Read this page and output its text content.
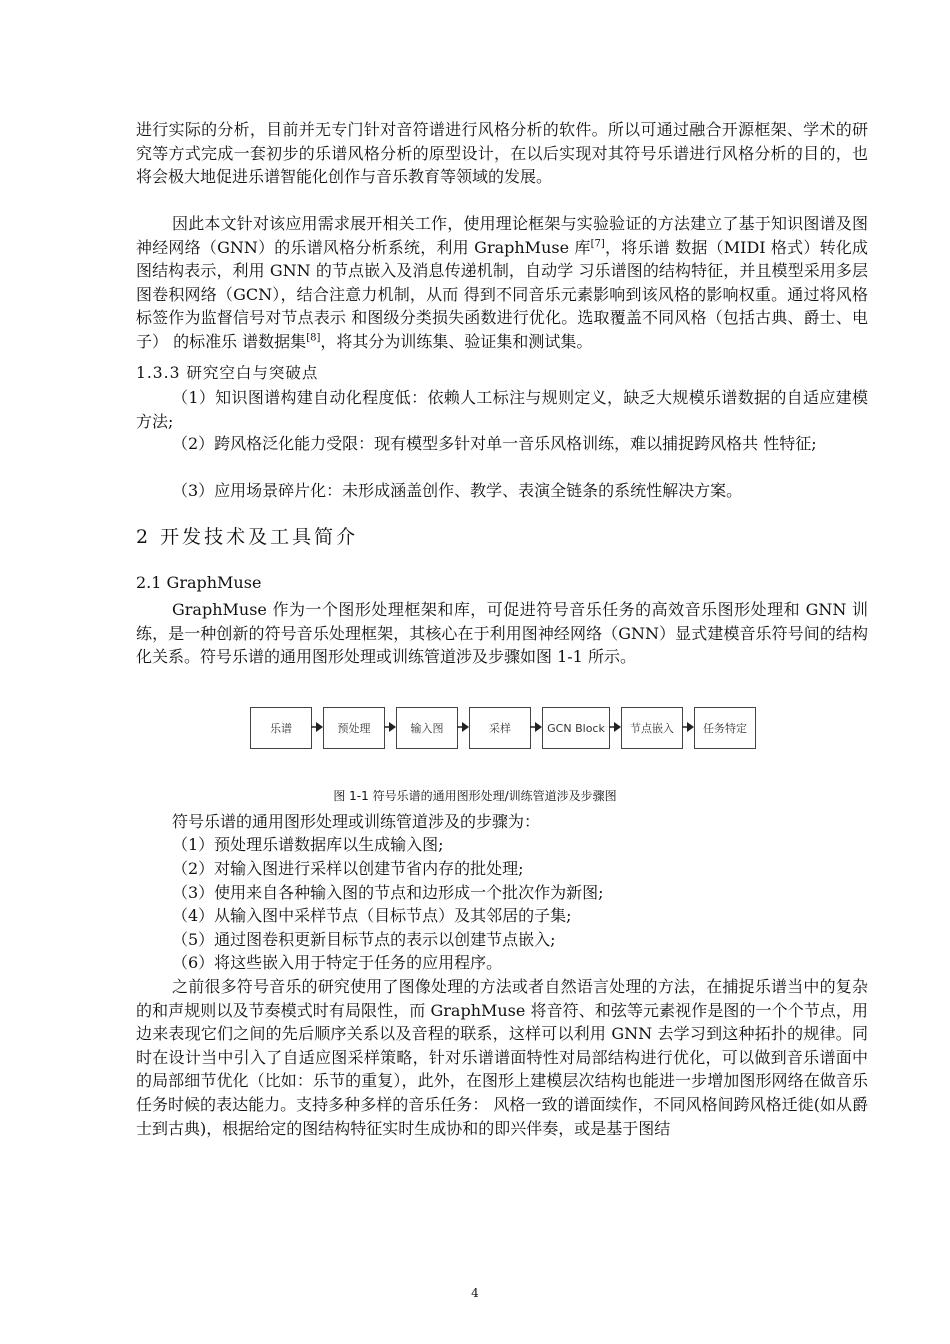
进行实际的分析，目前并无专门针对音符谱进行风格分析的软件。所以可通过融合开源框架、学术的研究等方式完成一套初步的乐谱风格分析的原型设计，在以后实现对其符号乐谱进行风格分析的目的，也将会极大地促进乐谱智能化创作与音乐教育等领域的发展。
因此本文针对该应用需求展开相关工作，使用理论框架与实验验证的方法建立了基于知识图谱及图神经网络（GNN）的乐谱风格分析系统，利用 GraphMuse 库[7]，将乐谱 数据（MIDI 格式）转化成图结构表示，利用 GNN 的节点嵌入及消息传递机制，自动学 习乐谱图的结构特征，并且模型采用多层图卷积网络（GCN），结合注意力机制，从而 得到不同音乐元素影响到该风格的影响权重。通过将风格标签作为监督信号对节点表示 和图级分类损失函数进行优化。选取覆盖不同风格（包括古典、爵士、电子） 的标准乐 谱数据集[8]，将其分为训练集、验证集和测试集。
1.3.3 研究空白与突破点
（1）知识图谱构建自动化程度低：依赖人工标注与规则定义，缺乏大规模乐谱数据的自适应建模方法;
（2）跨风格泛化能力受限：现有模型多针对单一音乐风格训练，难以捕捉跨风格共 性特征;
（3）应用场景碎片化：未形成涵盖创作、教学、表演全链条的系统性解决方案。
2 开发技术及工具简介
2.1 GraphMuse
GraphMuse 作为一个图形处理框架和库，可促进符号音乐任务的高效音乐图形处理和 GNN 训练，是一种创新的符号音乐处理框架，其核心在于利用图神经网络（GNN）显式建模音乐符号间的结构化关系。符号乐谱的通用图形处理或训练管道涉及步骤如图 1-1 所示。
乐谱	预处理	输入图	采样	GCN Block	节点嵌入	任务特定
图 1-1 符号乐谱的通用图形处理/训练管道涉及步骤图
符号乐谱的通用图形处理或训练管道涉及的步骤为：
（1）预处理乐谱数据库以生成输入图;
（2）对输入图进行采样以创建节省内存的批处理;
（3）使用来自各种输入图的节点和边形成一个批次作为新图;
（4）从输入图中采样节点（目标节点）及其邻居的子集;
（5）通过图卷积更新目标节点的表示以创建节点嵌入;
（6）将这些嵌入用于特定于任务的应用程序。
之前很多符号音乐的研究使用了图像处理的方法或者自然语言处理的方法，在捕捉乐谱当中的复杂的和声规则以及节奏模式时有局限性，而 GraphMuse 将音符、和弦等元素视作是图的一个个节点，用边来表现它们之间的先后顺序关系以及音程的联系，这样可以利用 GNN 去学习到这种拓扑的规律。同时在设计当中引入了自适应图采样策略，针对乐谱谱面特性对局部结构进行优化，可以做到音乐谱面中的局部细节优化（比如：乐节的重复），此外，在图形上建模层次结构也能进一步增加图形网络在做音乐任务时候的表达能力。支持多种多样的音乐任务： 风格一致的谱面续作，不同风格间跨风格迁徙(如从爵士到古典)，根据给定的图结构特征实时生成协和的即兴伴奏，或是基于图结
4
